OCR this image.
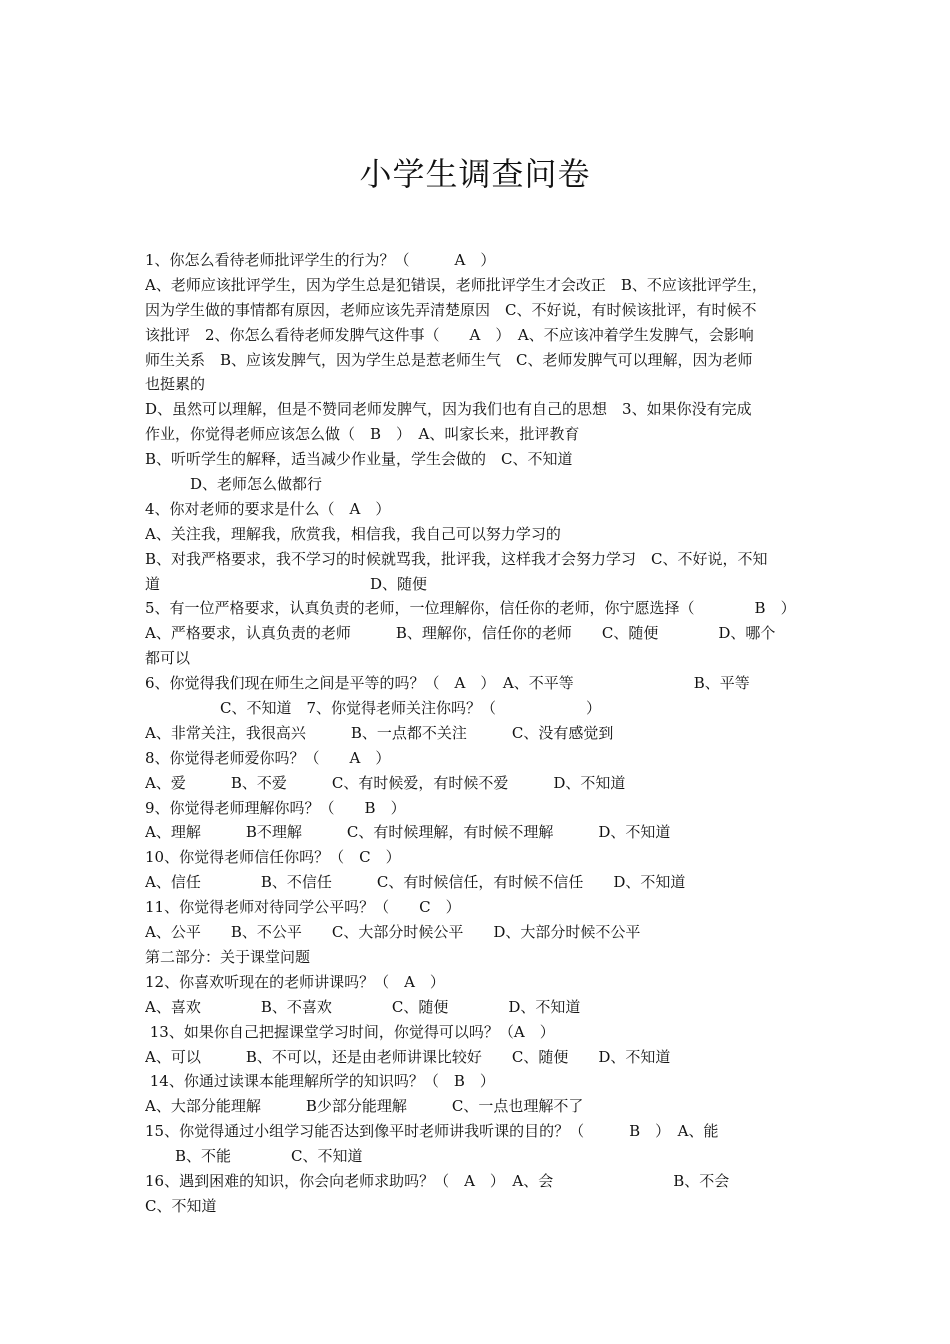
小学生调查问卷
1、你怎么看待老师批评学生的行为？（　　　A　）
A、老师应该批评学生，因为学生总是犯错误，老师批评学生才会改正　B、不应该批评学生，
因为学生做的事情都有原因，老师应该先弄清楚原因　C、不好说，有时候该批评，有时候不
该批评　2、你怎么看待老师发脾气这件事（　　A　）　A、不应该冲着学生发脾气，会影响
师生关系　B、应该发脾气，因为学生总是惹老师生气　C、老师发脾气可以理解，因为老师
也挺累的
D、虽然可以理解，但是不赞同老师发脾气，因为我们也有自己的思想　3、如果你没有完成
作业，你觉得老师应该怎么做（　B　）　A、叫家长来，批评教育
B、听听学生的解释，适当减少作业量，学生会做的　C、不知道
　　　D、老师怎么做都行
4、你对老师的要求是什么（　A　）
A、关注我，理解我，欣赏我，相信我，我自己可以努力学习的
B、对我严格要求，我不学习的时候就骂我，批评我，这样我才会努力学习　C、不好说，不知
道　　　　　　　　　　　　　　D、随便
5、有一位严格要求，认真负责的老师，一位理解你，信任你的老师，你宁愿选择（　　　　B　）
A、严格要求，认真负责的老师　　　B、理解你，信任你的老师　　C、随便　　　　D、哪个
都可以
6、你觉得我们现在师生之间是平等的吗？（　A　）　A、不平等　　　　　　　　B、平等
　　　　　C、不知道　7、你觉得老师关注你吗？（　　　　　　）
A、非常关注，我很高兴　　　B、一点都不关注　　　C、没有感觉到
8、你觉得老师爱你吗？（　　A　）
A、爱　　　B、不爱　　　C、有时候爱，有时候不爱　　　D、不知道
9、你觉得老师理解你吗？（　　B　）
A、理解　　　B不理解　　　C、有时候理解，有时候不理解　　　D、不知道
10、你觉得老师信任你吗？（　C　）
A、信任　　　　B、不信任　　　C、有时候信任，有时候不信任　　D、不知道
11、你觉得老师对待同学公平吗？（　　C　）
A、公平　　B、不公平　　C、大部分时候公平　　D、大部分时候不公平
第二部分：关于课堂问题
12、你喜欢听现在的老师讲课吗？（　A　）
A、喜欢　　　　B、不喜欢　　　　C、随便　　　　D、不知道
13、如果你自己把握课堂学习时间，你觉得可以吗？（A　）
A、可以　　　B、不可以，还是由老师讲课比较好　　C、随便　　D、不知道
14、你通过读课本能理解所学的知识吗？（　B　）
A、大部分能理解　　　B少部分能理解　　　C、一点也理解不了
15、你觉得通过小组学习能否达到像平时老师讲我听课的目的？（　　　B　）　A、能
　　B、不能　　　　C、不知道
16、遇到困难的知识，你会向老师求助吗？（　A　）　A、会　　　　　　　　B、不会
C、不知道
